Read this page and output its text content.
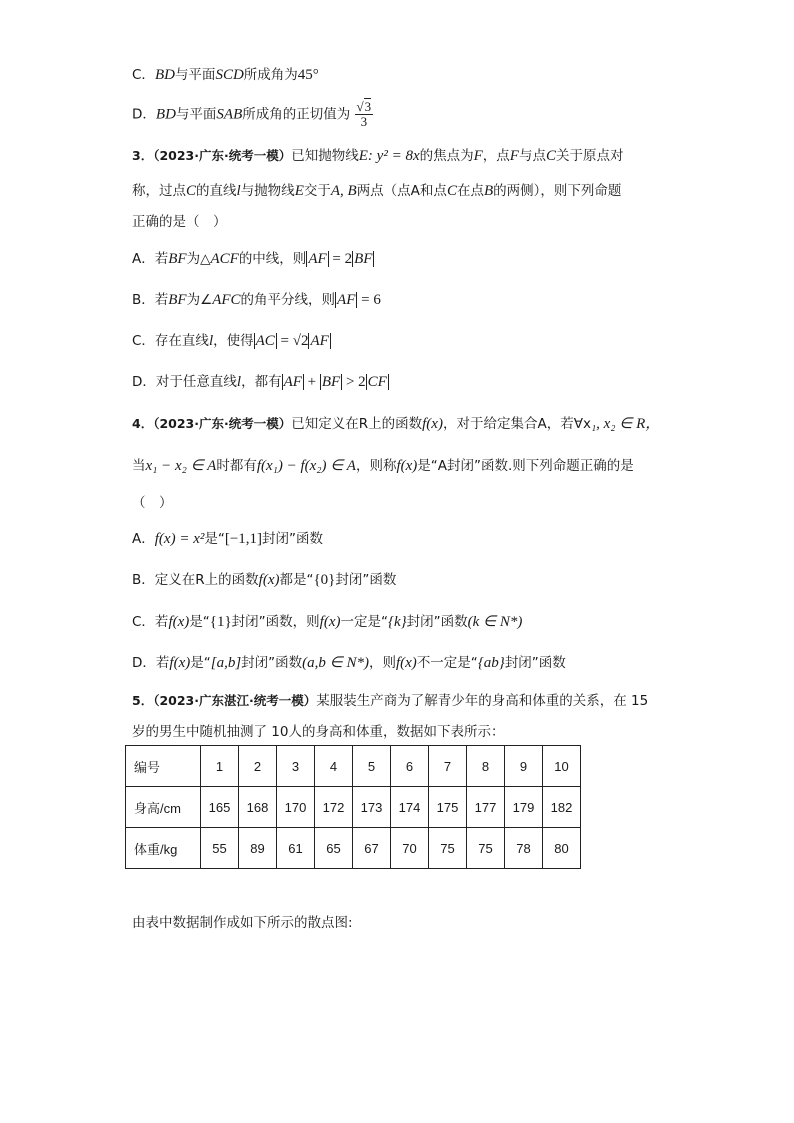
C．BD与平面SCD所成角为45°
D．BD与平面SAB所成角的正切值为 $\frac{√3}{3}$
3．（2023·广东·统考一模）已知抛物线E: y² = 8x的焦点为F，点F与点C关于原点对
称，过点C的直线l与抛物线E交于A, B两点（点A和点C在点B的两侧），则下列命题
正确的是（　）
A．若BF为△ACF的中线，则 AF = 2 BF
B．若BF为∠AFC的角平分线，则 AF = 6
C．存在直线l，使得 AC = √2 AF
D．对于任意直线l，都有 AF + BF > 2 CF
4．（2023·广东·统考一模）已知定义在R上的函数f(x)，对于给定集合A，若∀x₁, x₂ ∈ R，
当x₁ − x₂ ∈ A时都有f(x₁) − f(x₂) ∈ A，则称f(x)是“A封闭”函数.则下列命题正确的是
（　）
A．f(x) = x²是“[−1,1]封闭”函数
B．定义在R上的函数f(x)都是“{0}封闭”函数
C．若f(x)是“{1}封闭”函数，则f(x)一定是“{k}封闭”函数(k ∈ N*)
D．若f(x)是“[a,b]封闭”函数(a,b ∈ N*)，则f(x)不一定是“{ab}封闭”函数
5．（2023·广东湛江·统考一模）某服装生产商为了解青少年的身高和体重的关系，在 15
岁的男生中随机抽测了 10人的身高和体重，数据如下表所示：
编号	1	2	3	4	5	6	7	8	9	10
身高/cm	165	168	170	172	173	174	175	177	179	182
体重/kg	55	89	61	65	67	70	75	75	78	80
由表中数据制作成如下所示的散点图:
